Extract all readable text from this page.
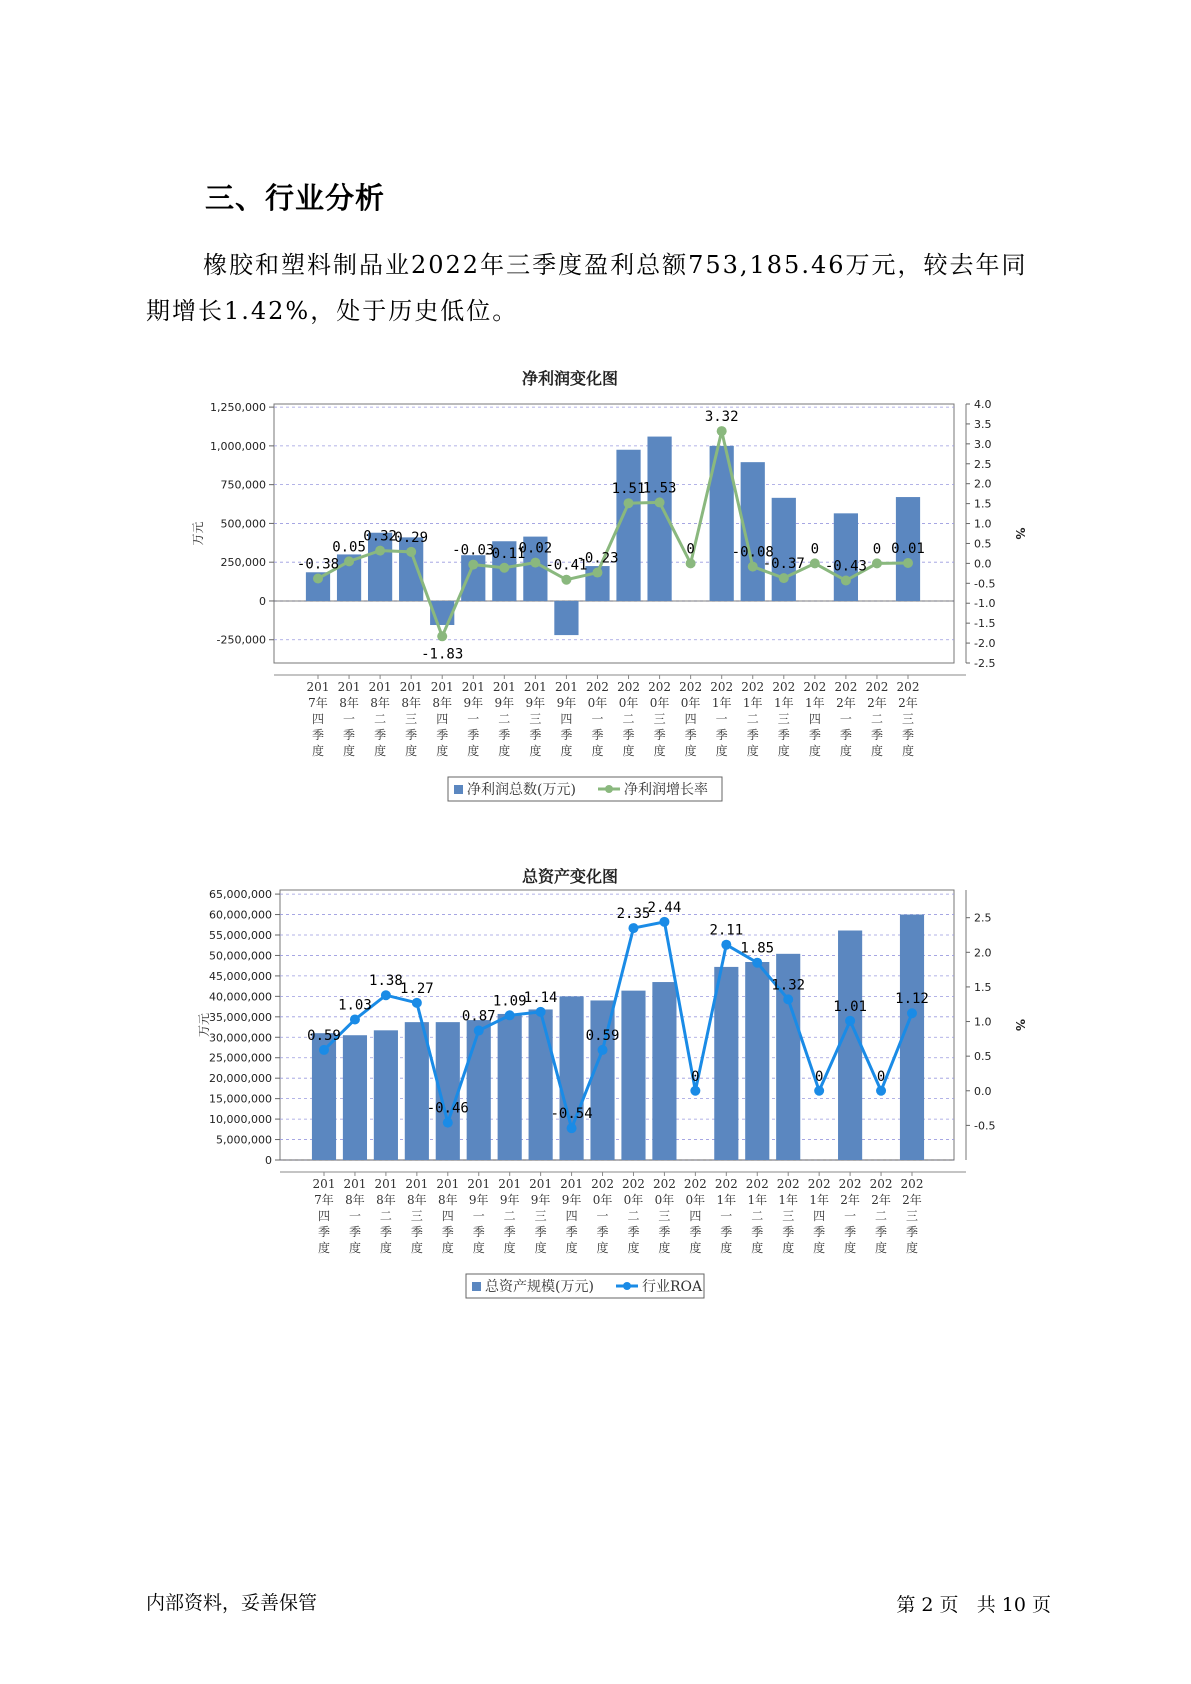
三、行业分析
橡胶和塑料制品业2022年三季度盈利总额753,185.46万元，较去年同期增长1.42%，处于历史低位。
净利润变化图
1,250,000
1,000,000
750,000
500,000
250,000
0
-250,000
4.0
3.5
3.0
2.5
2.0
1.5
1.0
0.5
0.0
-0.5
-1.0
-1.5
-2.0
-2.5
万元	%
-0.38
0.05
0.32
0.29
-1.83
-0.03
-0.11
0.02
-0.41
-0.23
1.51
1.53
0
3.32
-0.08
-0.37
0
-0.43
0 0.01
201 7年四季度
201 8年一季度
201 8年二季度
201 8年三季度
201 8年四季度
201 9年一季度
201 9年二季度
201 9年三季度
201 9年四季度
202 0年一季度
202 0年二季度
202 0年三季度
202 0年四季度
202 1年一季度
202 1年二季度
202 1年三季度
202 1年四季度
202 2年一季度
202 2年二季度
202 2年三季度
净利润总数(万元)	净利润增长率
总资产变化图
65,000,000
60,000,000
55,000,000
50,000,000
45,000,000
40,000,000
35,000,000
30,000,000
25,000,000
20,000,000
15,000,000
10,000,000
5,000,000
0
2.5
2.0
1.5
1.0
0.5
0.0
-0.5
万元	%
0.59
1.03
1.38
1.27
-0.46
0.87
1.09
1.14
-0.54
0.59
2.35
2.44
0
2.11
1.85
1.32
0
1.01
0
1.12
201 7年四季度
201 8年一季度
201 8年二季度
201 8年三季度
201 8年四季度
201 9年一季度
201 9年二季度
201 9年三季度
201 9年四季度
202 0年一季度
202 0年二季度
202 0年三季度
202 0年四季度
202 1年一季度
202 1年二季度
202 1年三季度
202 1年四季度
202 2年一季度
202 2年二季度
202 2年三季度
总资产规模(万元)	行业ROA
内部资料，妥善保管	第 2 页 共 10 页
